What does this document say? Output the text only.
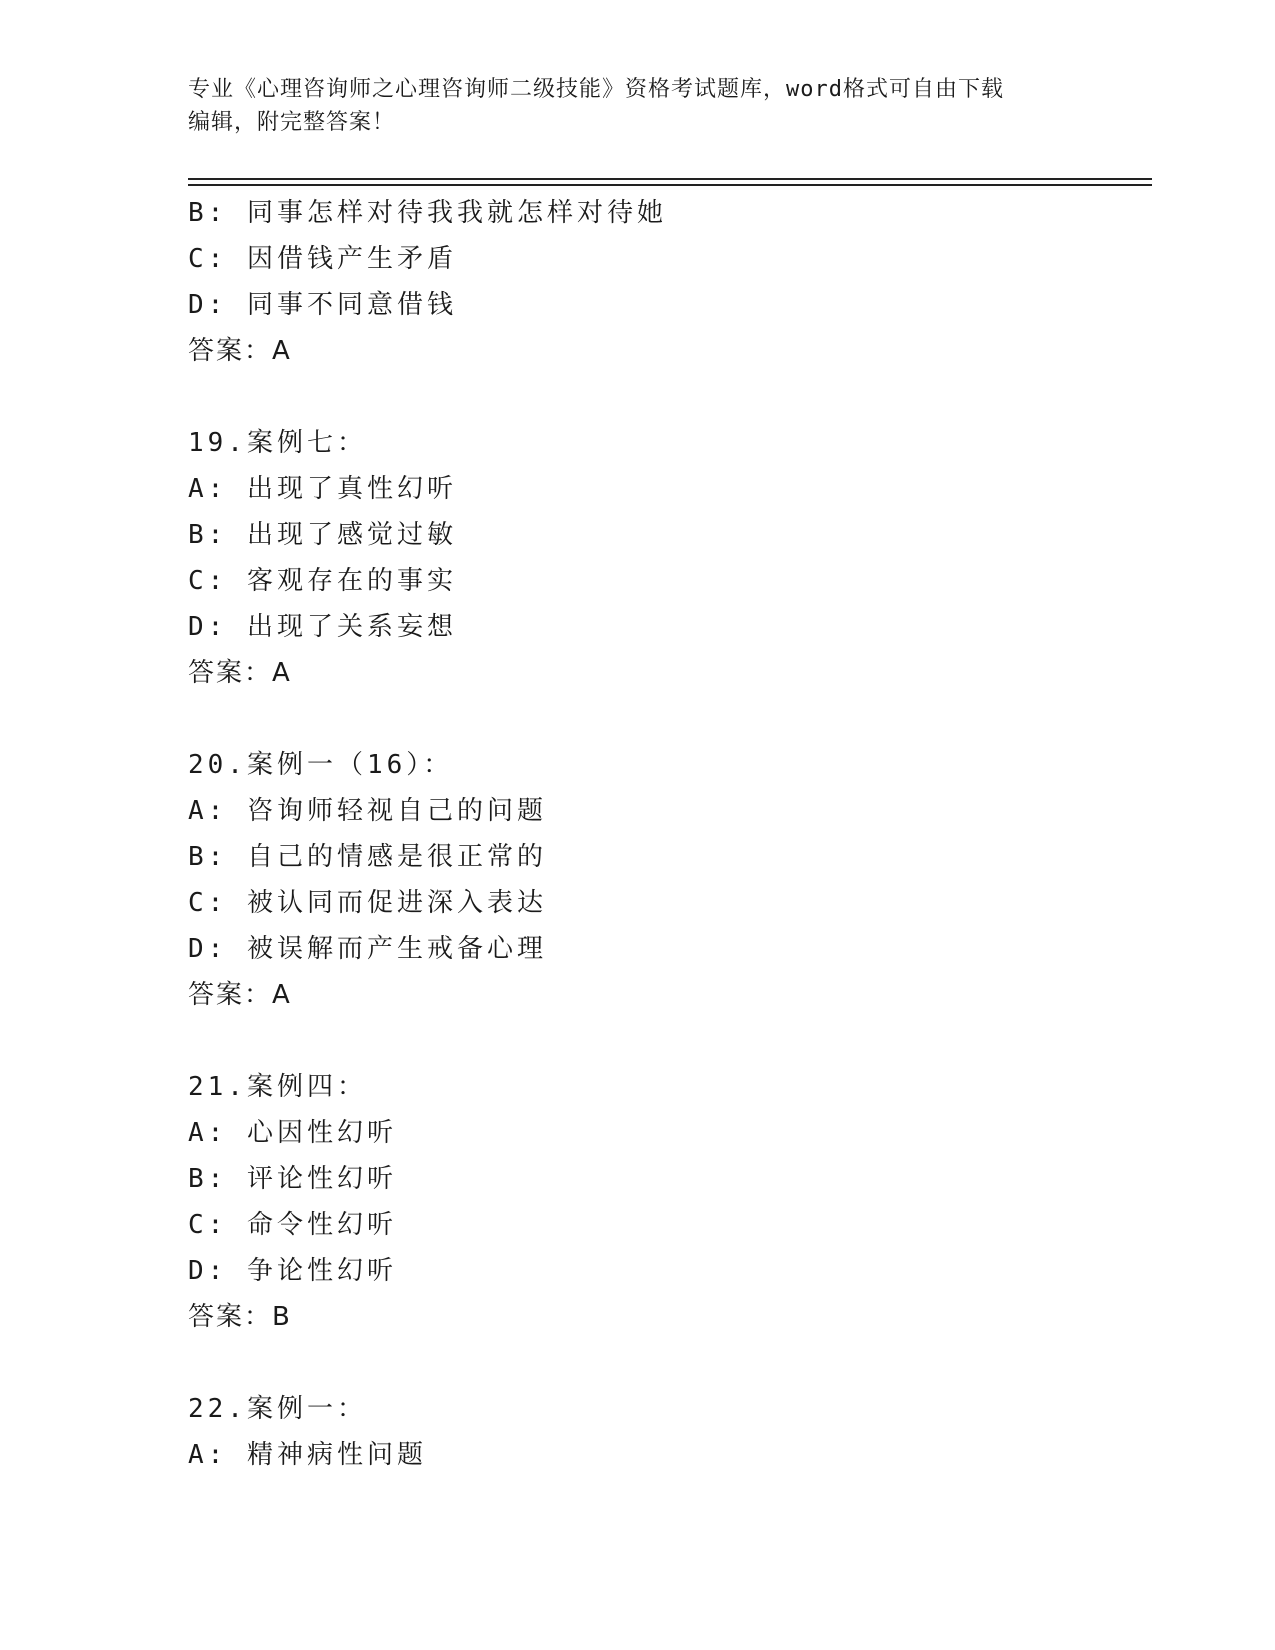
专业《心理咨询师之心理咨询师二级技能》资格考试题库，word格式可自由下载
编辑，附完整答案！
B: 同事怎样对待我我就怎样对待她
C: 因借钱产生矛盾
D: 同事不同意借钱
答案：A
19.案例七：
A: 出现了真性幻听
B: 出现了感觉过敏
C: 客观存在的事实
D: 出现了关系妄想
答案：A
20.案例一（16）：
A: 咨询师轻视自己的问题
B: 自己的情感是很正常的
C: 被认同而促进深入表达
D: 被误解而产生戒备心理
答案：A
21.案例四：
A: 心因性幻听
B: 评论性幻听
C: 命令性幻听
D: 争论性幻听
答案：B
22.案例一：
A: 精神病性问题
